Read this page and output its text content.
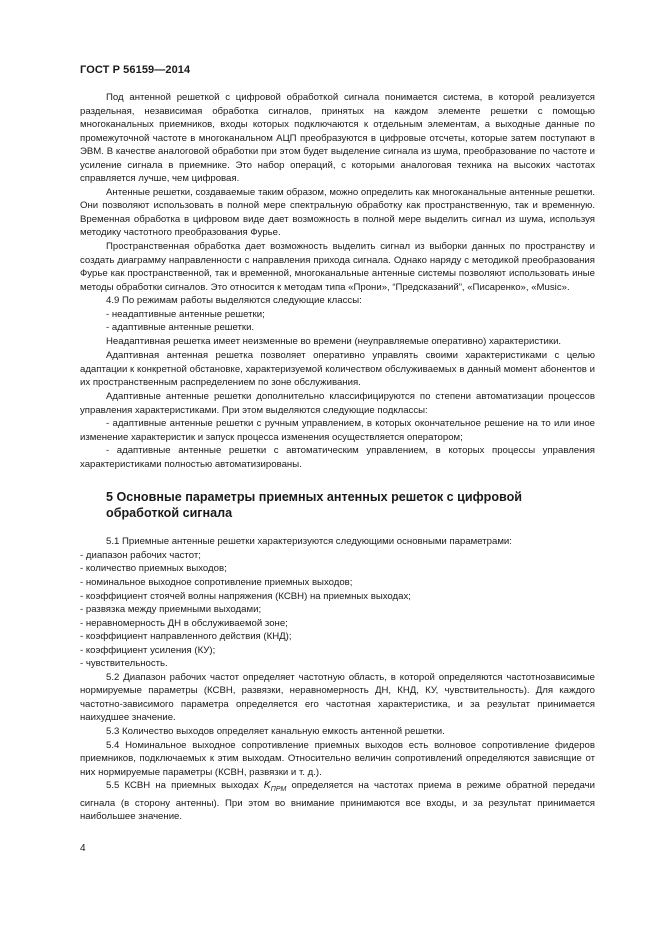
ГОСТ Р 56159—2014

Под антенной решеткой с цифровой обработкой сигнала понимается система, в которой реализуется раздельная, независимая обработка сигналов, принятых на каждом элементе решетки с помощью многоканальных приемников, входы которых подключаются к отдельным элементам, а выходные данные по промежуточной частоте в многоканальном АЦП преобразуются в цифровые отсчеты, которые затем поступают в ЭВМ. В качестве аналоговой обработки при этом будет выделение сигнала из шума, преобразование по частоте и усиление сигнала в приемнике. Это набор операций, с которыми аналоговая техника на высоких частотах справляется лучше, чем цифровая.

Антенные решетки, создаваемые таким образом, можно определить как многоканальные антенные решетки. Они позволяют использовать в полной мере спектральную обработку как пространственную, так и временную. Временная обработка в цифровом виде дает возможность в полной мере выделить сигнал из шума, используя методику частотного преобразования Фурье.

Пространственная обработка дает возможность выделить сигнал из выборки данных по пространству и создать диаграмму направленности с направления прихода сигнала. Однако наряду с методикой преобразования Фурье как пространственной, так и временной, многоканальные антенные системы позволяют использовать иные методы обработки сигналов. Это относится к методам типа «Прони», “Предсказаний”, «Писаренко», «Music».

4.9 По режимам работы выделяются следующие классы:

- неадаптивные антенные решетки;

- адаптивные антенные решетки.

Неадаптивная решетка имеет неизменные во времени (неуправляемые оперативно) характеристики.

Адаптивная антенная решетка позволяет оперативно управлять своими характеристиками с целью адаптации к конкретной обстановке, характеризуемой количеством обслуживаемых в данный момент абонентов и их пространственным распределением по зоне обслуживания.

Адаптивные антенные решетки дополнительно классифицируются по степени автоматизации процессов управления характеристиками. При этом выделяются следующие подклассы:

- адаптивные антенные решетки с ручным управлением, в которых окончательное решение на то или иное изменение характеристик и запуск процесса изменения осуществляется оператором;

- адаптивные антенные решетки с автоматическим управлением, в которых процессы управления характеристиками полностью автоматизированы.

5 Основные параметры приемных антенных решеток с цифровой обработкой сигнала

5.1 Приемные антенные решетки характеризуются следующими основными параметрами:

- диапазон рабочих частот;

- количество приемных выходов;

- номинальное выходное сопротивление приемных выходов;

- коэффициент стоячей волны напряжения (КСВН) на приемных выходах;

- развязка между приемными выходами;

- неравномерность ДН в обслуживаемой зоне;

- коэффициент направленного действия (КНД);

- коэффициент усиления (КУ);

- чувствительность.

5.2 Диапазон рабочих частот определяет частотную область, в которой определяются частотнозависимые нормируемые параметры (КСВН, развязки, неравномерность ДН, КНД, КУ, чувствительность). Для каждого частотно-зависимого параметра определяется его частотная характеристика, и за результат принимается наихудшее значение.

5.3 Количество выходов определяет канальную емкость антенной решетки.

5.4 Номинальное выходное сопротивление приемных выходов есть волновое сопротивление фидеров приемников, подключаемых к этим выходам. Относительно величин сопротивлений определяются зависящие от них нормируемые параметры (КСВН, развязки и т. д.).

5.5 КСВН на приемных выходах $K_{ПРМ}$ определяется на частотах приема в режиме обратной передачи сигнала (в сторону антенны). При этом во внимание принимаются все входы, и за результат принимается наибольшее значение.

4
